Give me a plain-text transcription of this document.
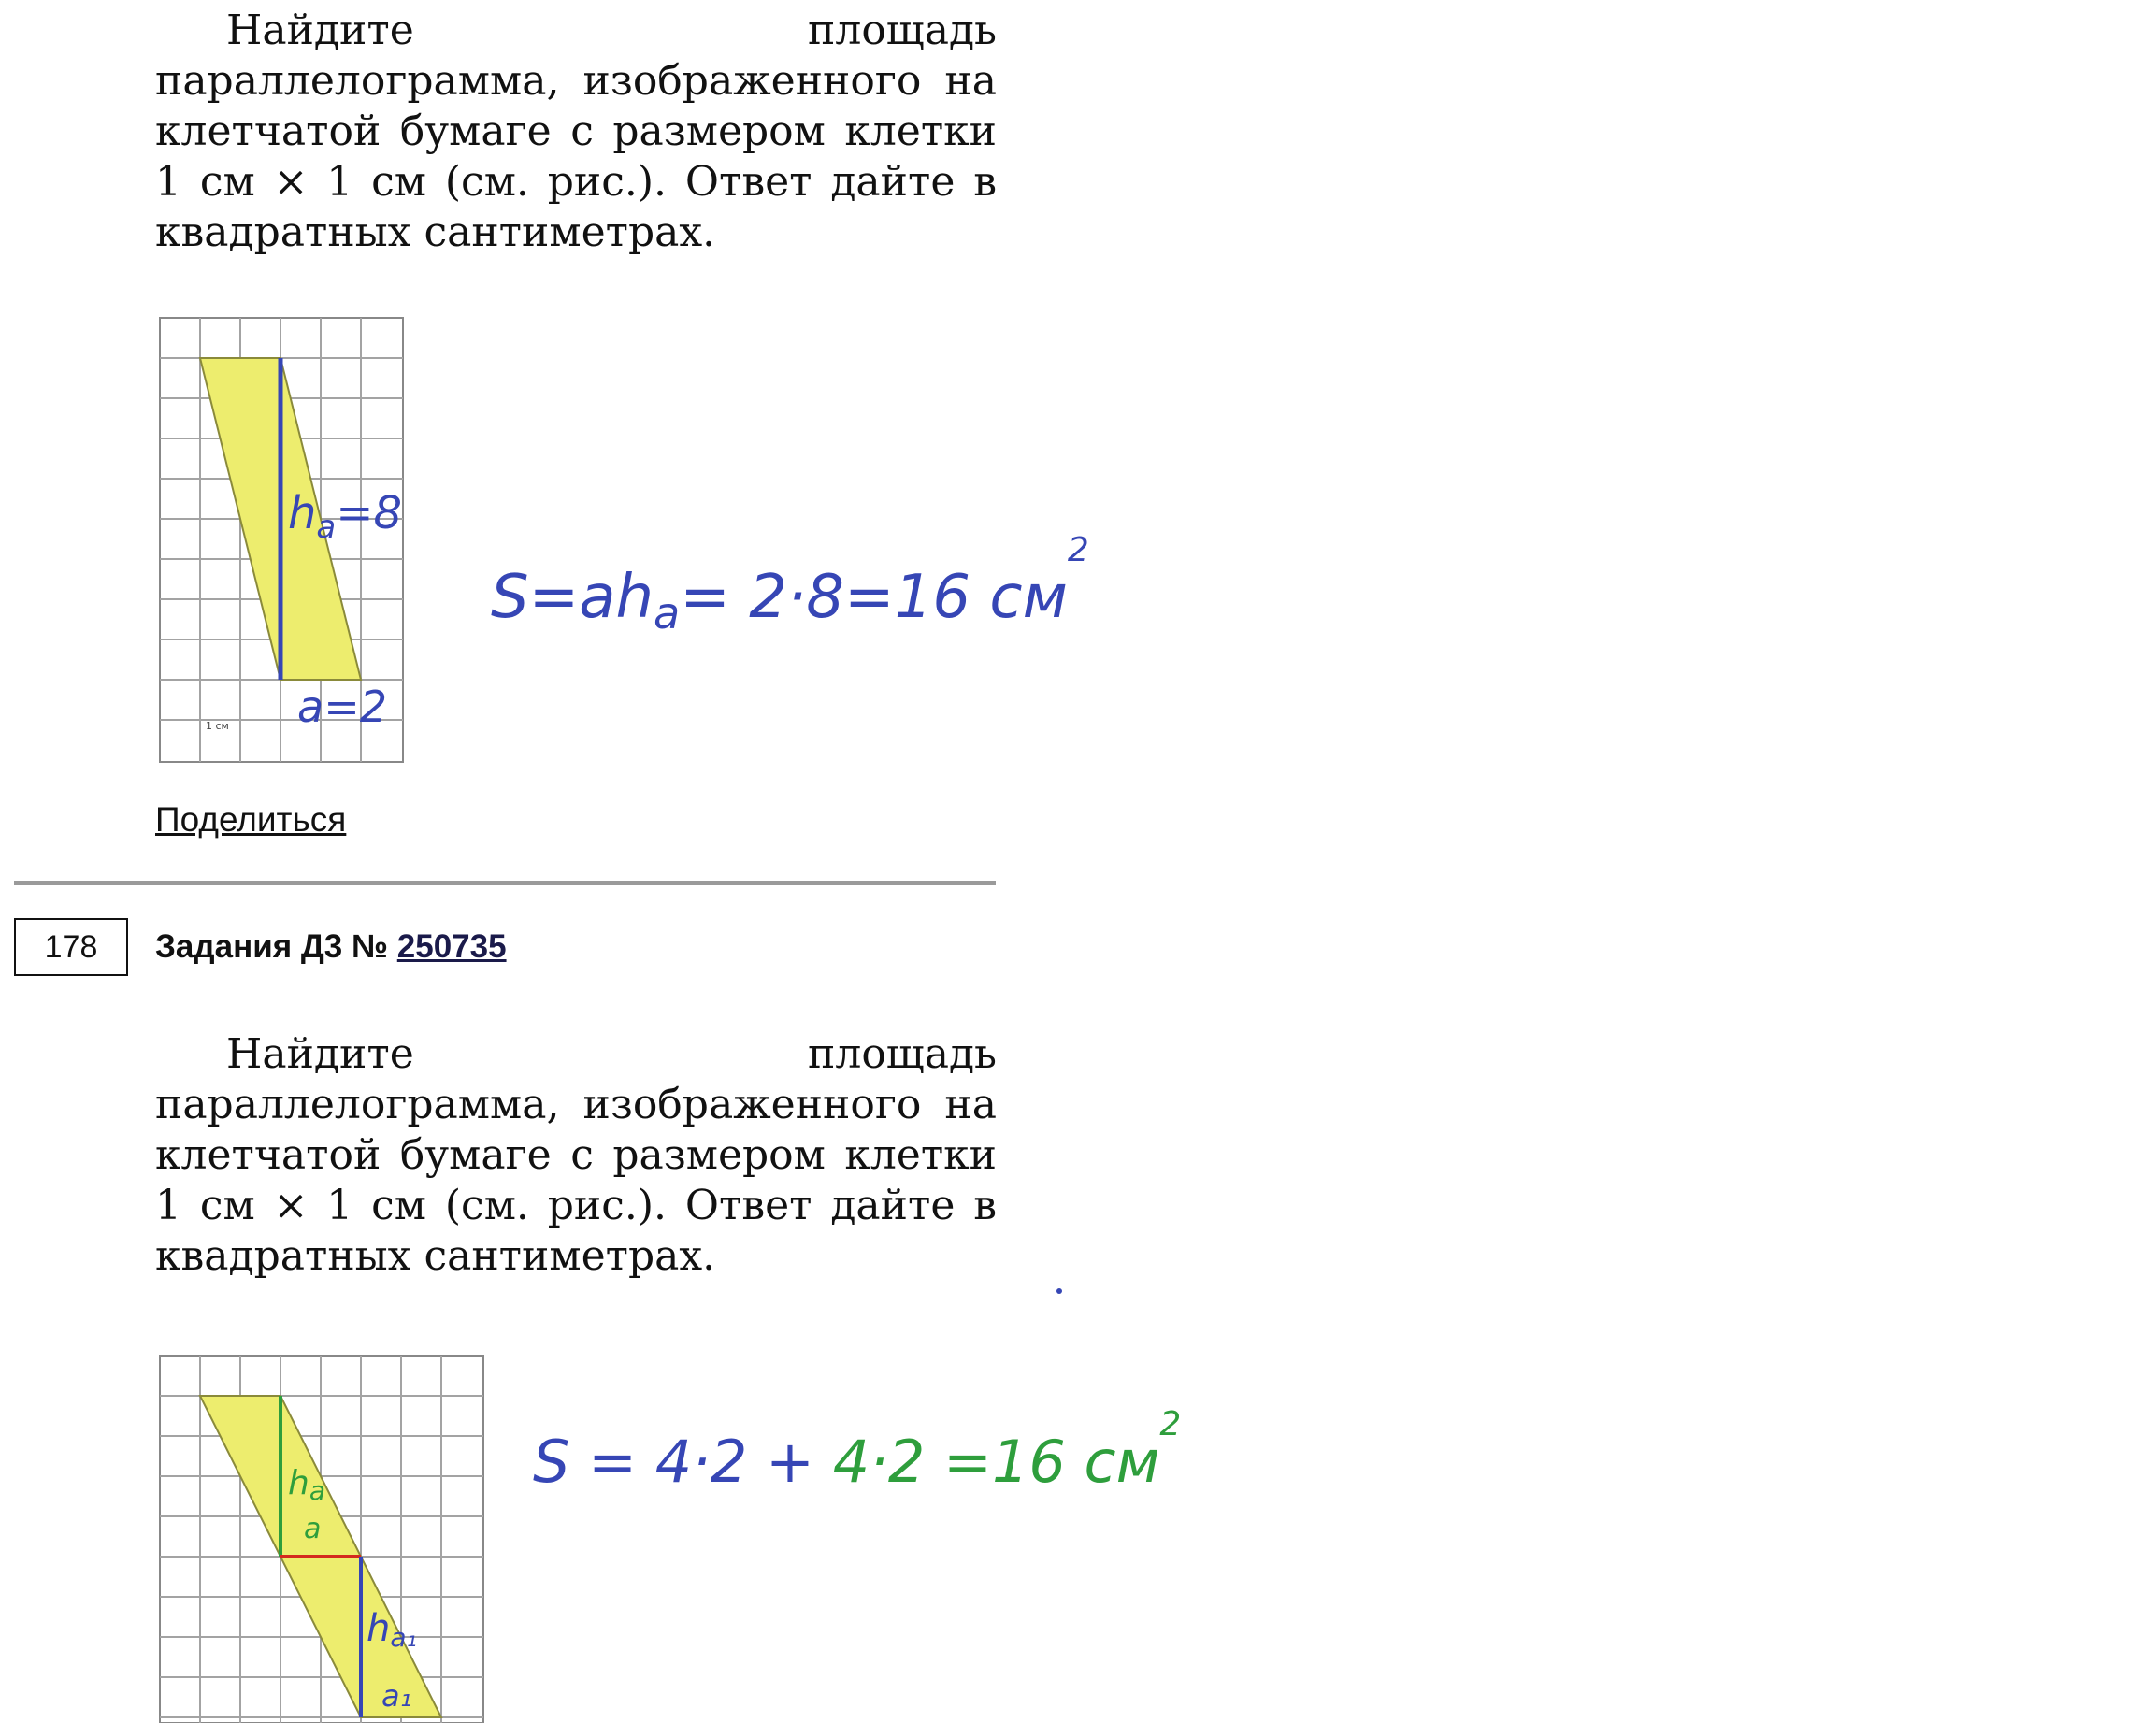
Найдите площадь параллелограмма, изображенного на клетчатой бумаге с размером клетки 1 см × 1 см (см. рис.). Ответ дайте в квадратных сантиметрах.

1 см
$h_a=8$
a=2
S=aha= 2·8=16 $см^2$
ha
a
ha₁
a₁
S = 4·2 + 4·2 =16 $см^2$
Поделиться
178	Задания Д3 № 250735

Найдите площадь параллелограмма, изображенного на клетчатой бумаге с размером клетки 1 см × 1 см (см. рис.). Ответ дайте в квадратных сантиметрах.
